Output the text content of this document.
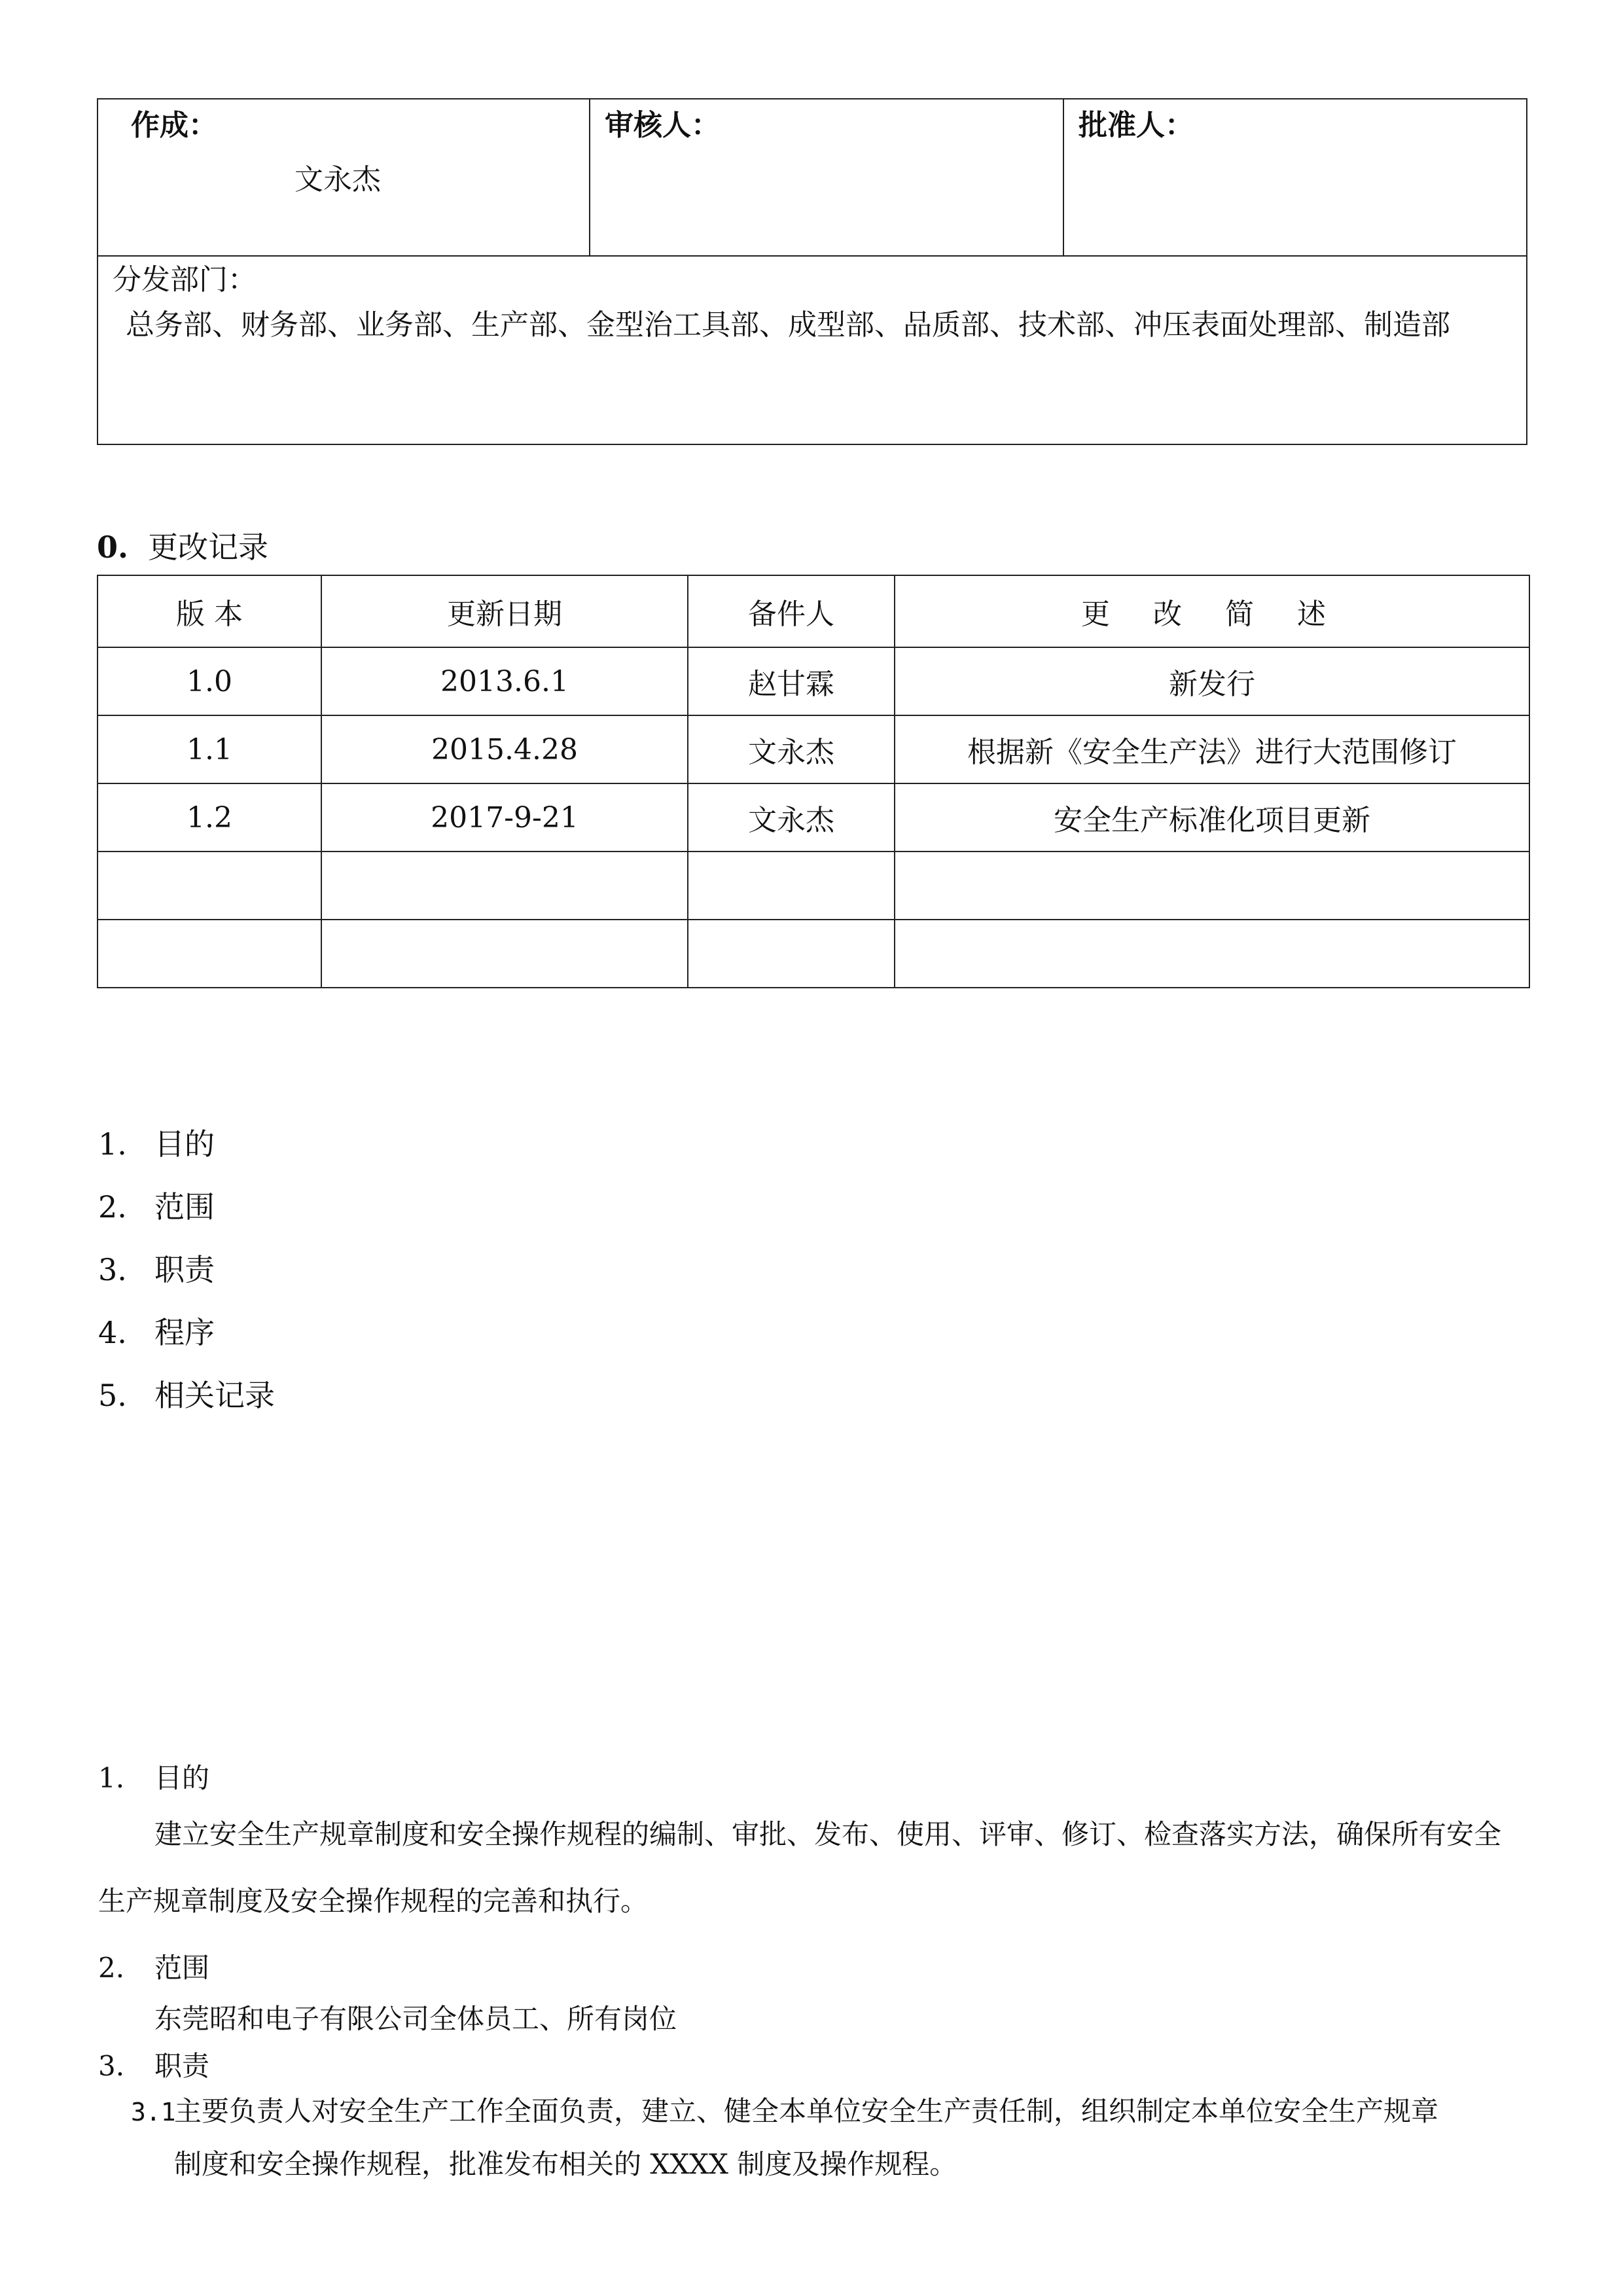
作成：
文永杰

审核人：	批准人：

分发部门：
总务部、财务部、业务部、生产部、金型治工具部、成型部、品质部、技术部、冲压表面处理部、制造部
0. 更改记录
版 本	更新日期	备件人	更 改 简 述
1.0	2013.6.1	赵甘霖	新发行
1.1	2015.4.28	文永杰	根据新《安全生产法》进行大范围修订
1.2	2017-9-21	文永杰	安全生产标准化项目更新

1. 目的
2. 范围
3. 职责
4. 程序
5. 相关记录
1. 目的
建立安全生产规章制度和安全操作规程的编制、审批、发布、使用、评审、修订、检查落实方法，确保所有安全生产规章制度及安全操作规程的完善和执行。
2. 范围
东莞昭和电子有限公司全体员工、所有岗位
3. 职责
3.1主要负责人对安全生产工作全面负责，建立、健全本单位安全生产责任制，组织制定本单位安全生产规章
制度和安全操作规程，批准发布相关的 XXXX 制度及操作规程。
